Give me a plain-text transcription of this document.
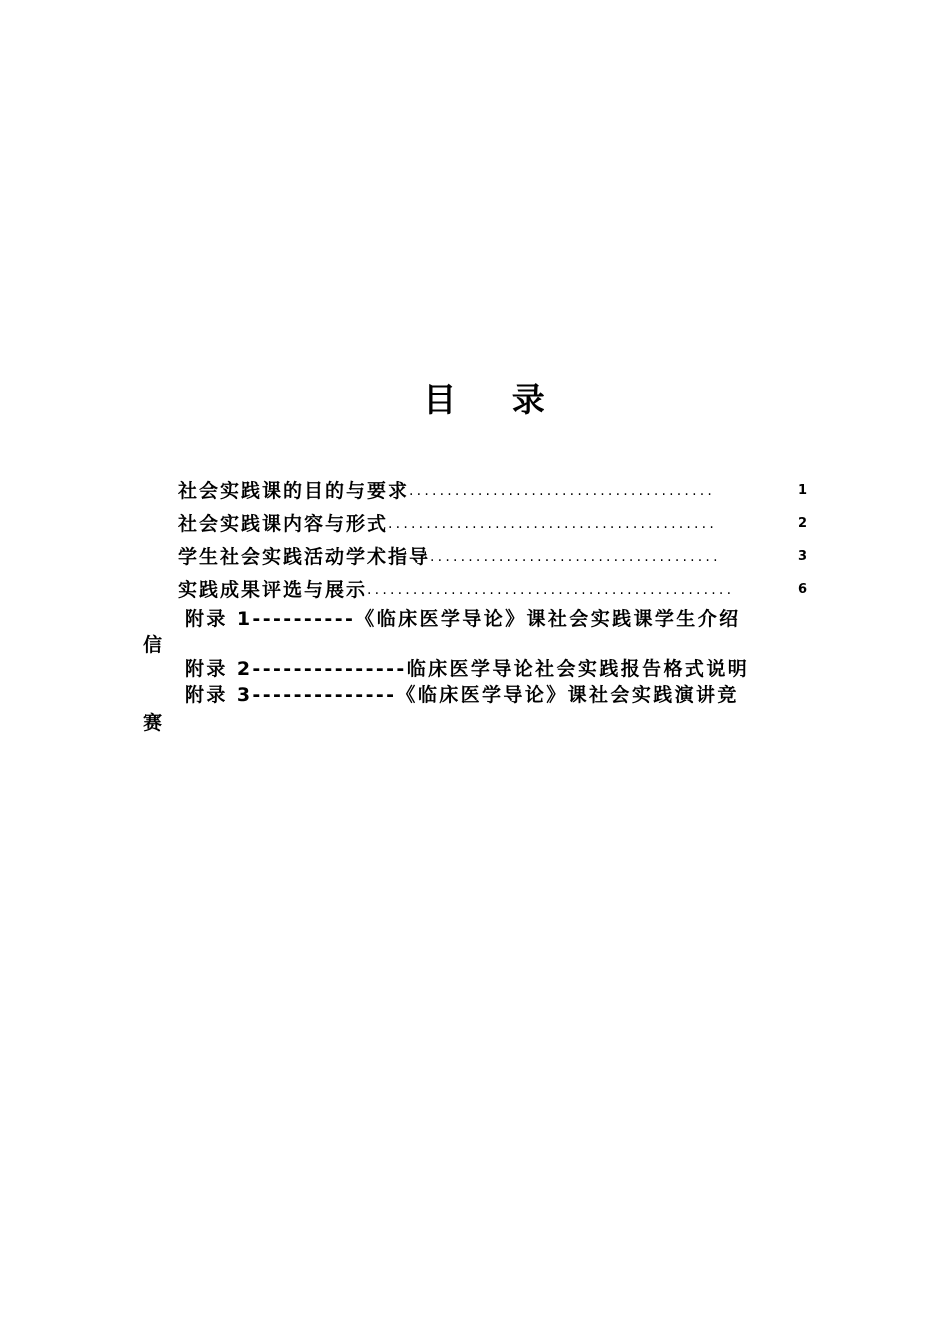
目 录
社会实践课的目的与要求 ........................................	1
社会实践课内容与形式 ...........................................	2
学生社会实践活动学术指导 ......................................	3
实践成果评选与展示 ................................................	6
附录 1----------《临床医学导论》课社会实践课学生介绍
信
附录 2---------------临床医学导论社会实践报告格式说明
附录 3--------------《临床医学导论》课社会实践演讲竞
赛
